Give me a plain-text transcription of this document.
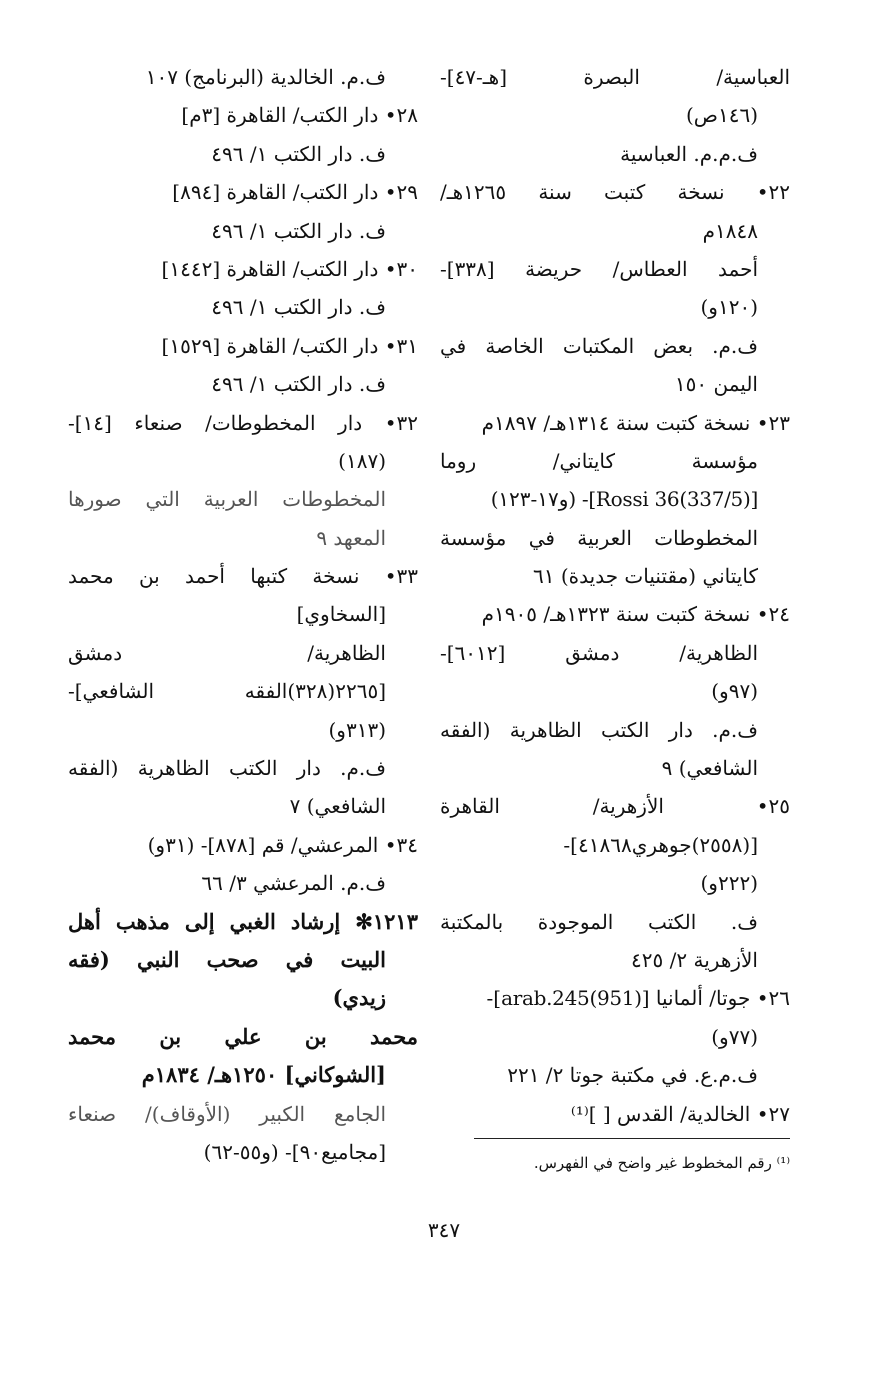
العباسية/ البصرة [هـ-٤٧]-
(١٤٦ص)
ف.م.م. العباسية
٢٢• نسخة كتبت سنة ١٢٦٥هـ/
١٨٤٨م
أحمد العطاس/ حريضة [٣٣٨]-
(١٢٠و)
ف.م. بعض المكتبات الخاصة في
اليمن ١٥٠
٢٣• نسخة كتبت سنة ١٣١٤هـ/ ١٨٩٧م
مؤسسة كايتاني/ روما
[Rossi 36(337/5)]- (و١٧-١٢٣)
المخطوطات العربية في مؤسسة
كايتاني (مقتنيات جديدة) ٦١
٢٤• نسخة كتبت سنة ١٣٢٣هـ/ ١٩٠٥م
الظاهرية/ دمشق [٦٠١٢]-
(٩٧و)
ف.م. دار الكتب الظاهرية (الفقه
الشافعي) ٩
٢٥• الأزهرية/ القاهرة
[(٢٥٥٨)جوهري٤١٨٦٨]-
(٢٢٢و)
ف. الكتب الموجودة بالمكتبة
الأزهرية ٢/ ٤٢٥
٢٦• جوتا/ ألمانيا [arab.245(951)]-
(٧٧و)
ف.م.ع. في مكتبة جوتا ٢/ ٢٢١
٢٧• الخالدية/ القدس [ ]⁽¹⁾
ف.م. الخالدية (البرنامج) ١٠٧
٢٨• دار الكتب/ القاهرة [٣م]
ف. دار الكتب ١/ ٤٩٦
٢٩• دار الكتب/ القاهرة [٨٩٤]
ف. دار الكتب ١/ ٤٩٦
٣٠• دار الكتب/ القاهرة [١٤٤٢]
ف. دار الكتب ١/ ٤٩٦
٣١• دار الكتب/ القاهرة [١٥٢٩]
ف. دار الكتب ١/ ٤٩٦
٣٢• دار المخطوطات/ صنعاء [١٤]-
(١٨٧)
المخطوطات العربية التي صورها
المعهد ٩
٣٣• نسخة كتبها أحمد بن محمد
[السخاوي]
الظاهرية/ دمشق
[٢٢٦٥(٣٢٨)الفقه الشافعي]-
(٣١٣و)
ف.م. دار الكتب الظاهرية (الفقه
الشافعي) ٧
٣٤• المرعشي/ قم [٨٧٨]- (٣١و)
ف.م. المرعشي ٣/ ٦٦
١٢١٣✻ إرشاد الغبي إلى مذهب أهل
البيت في صحب النبي (فقه
زيدي)
محمد بن علي بن محمد
[الشوكاني] ١٢٥٠هـ/ ١٨٣٤م
الجامع الكبير (الأوقاف)/ صنعاء
[مجاميع٩٠]- (و٥٥-٦٢)	⁽¹⁾ رقم المخطوط غير واضح في الفهرس.
٣٤٧
